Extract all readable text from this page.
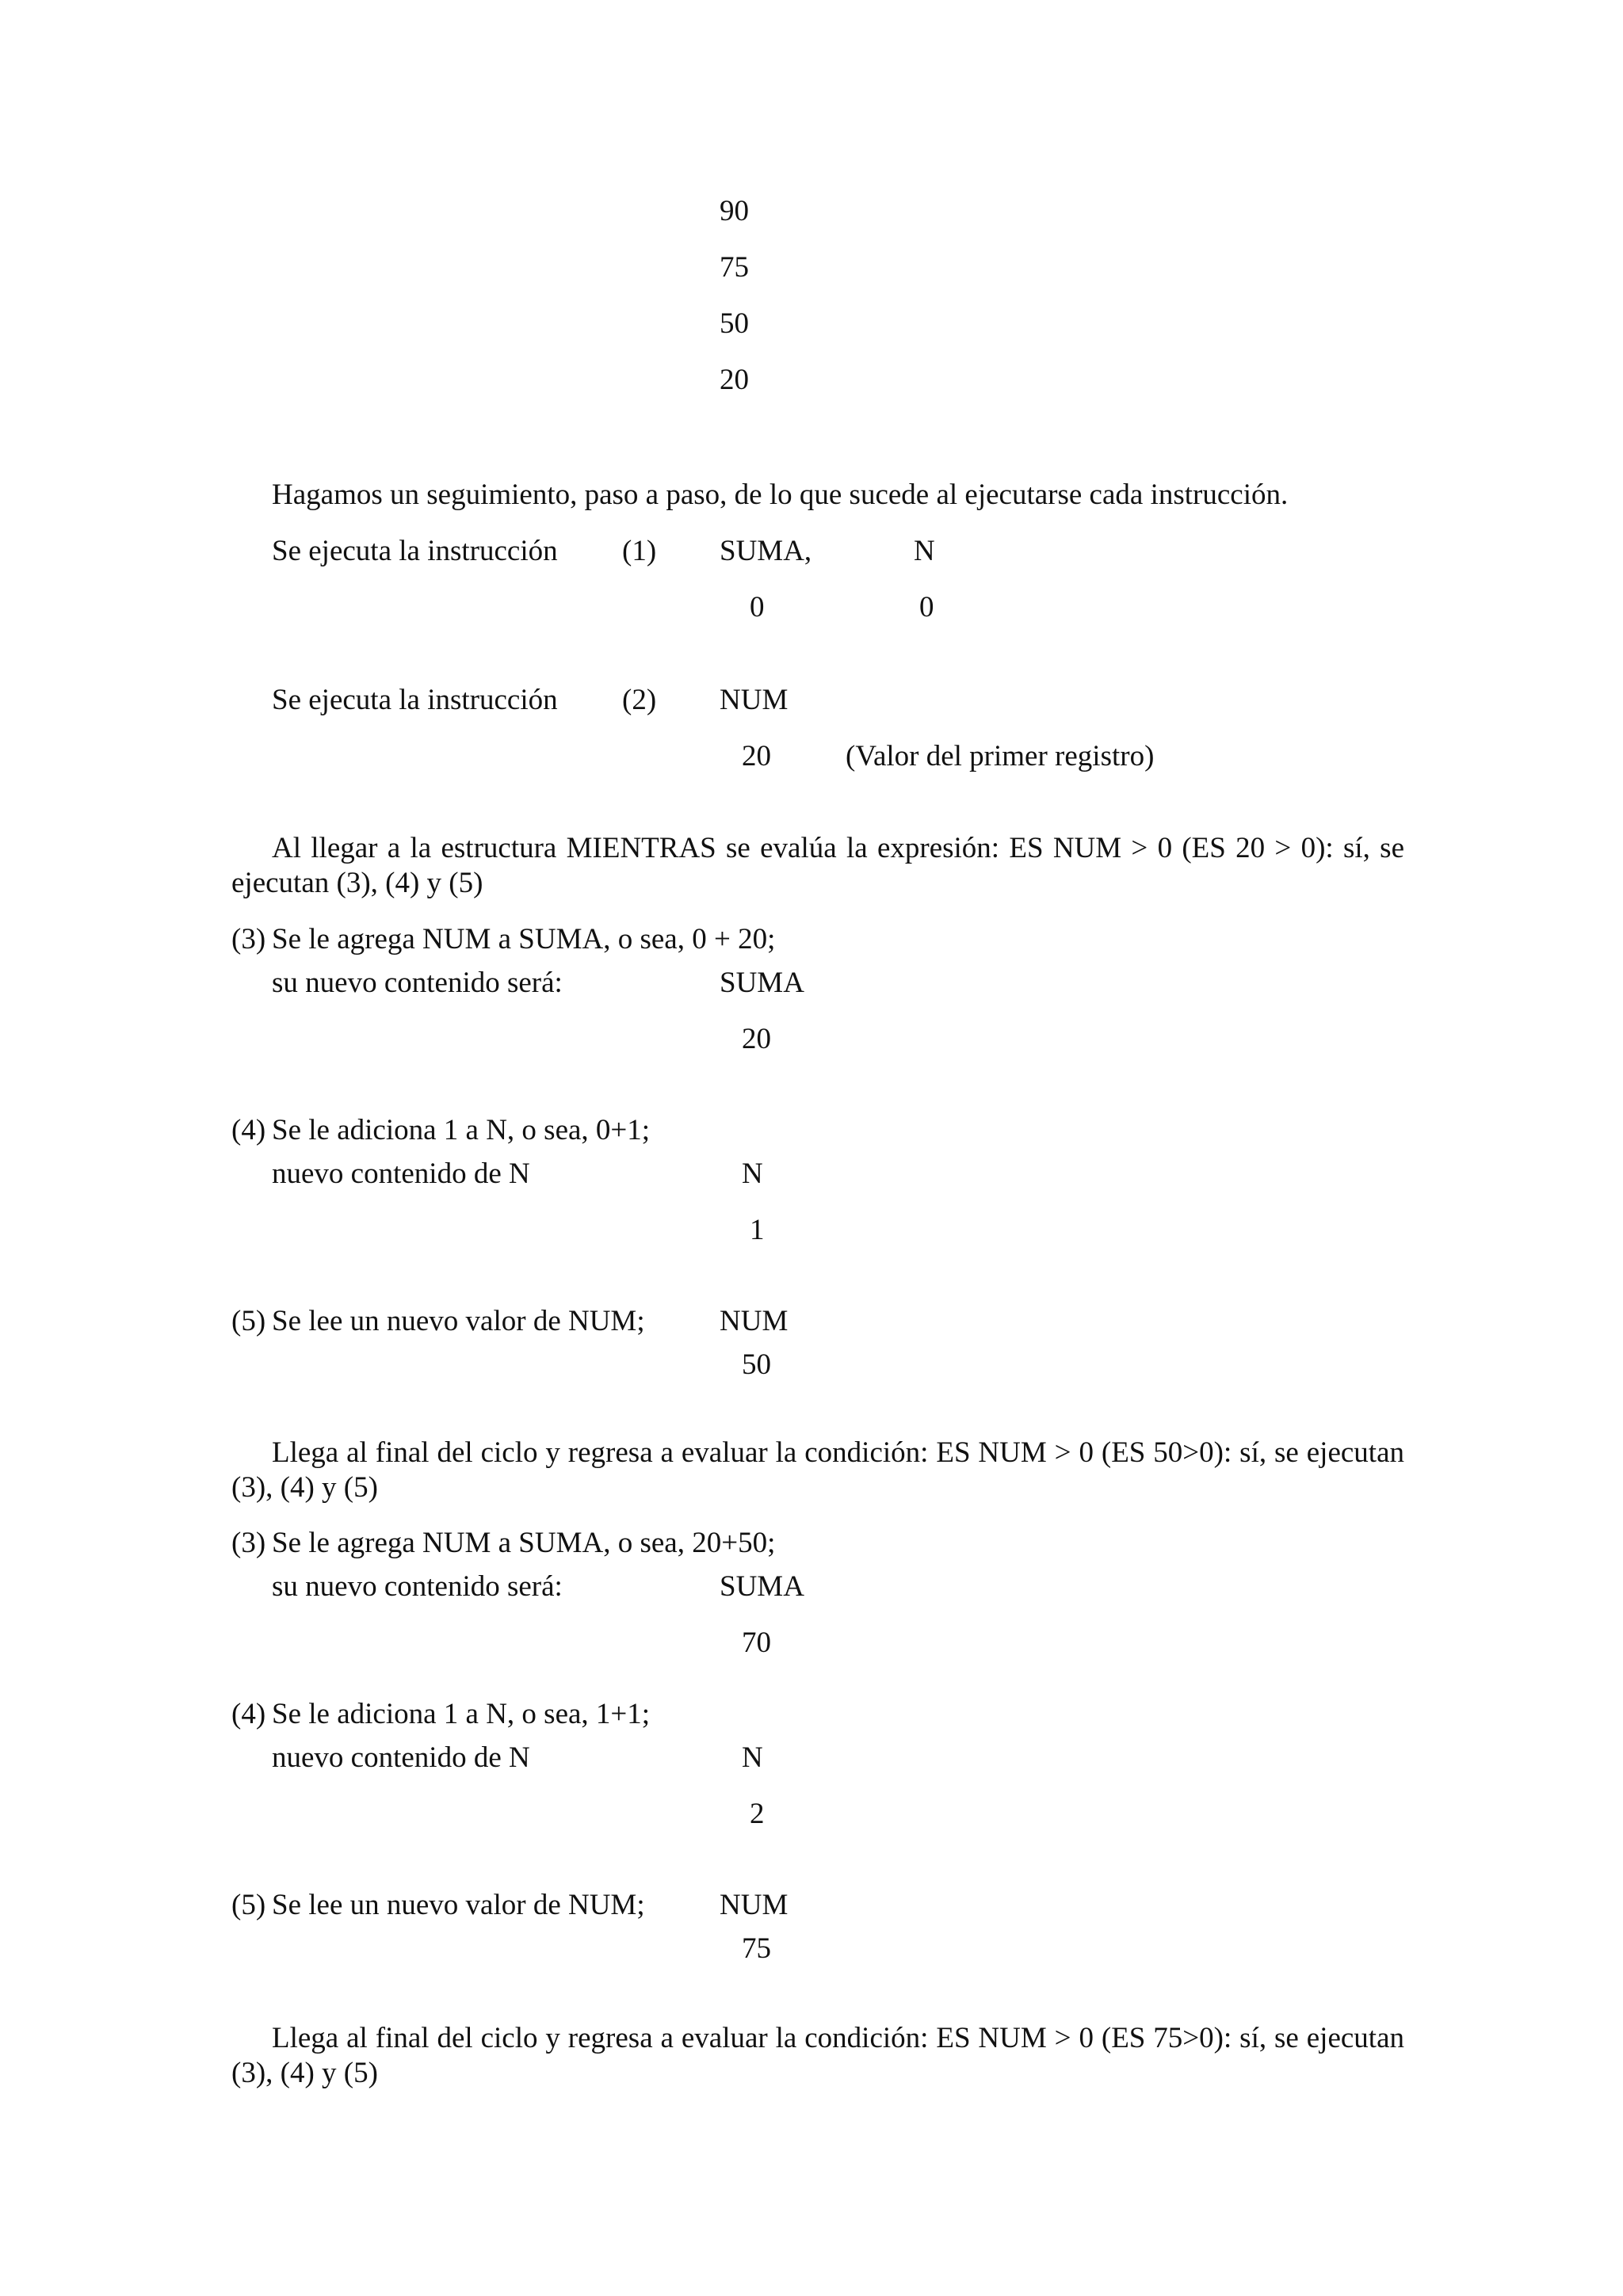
90
75
50
20
Hagamos un seguimiento, paso a paso, de lo que sucede al ejecutarse cada instrucción.
Se ejecuta la instrucción (1) SUMA,	N
0	0
Se ejecuta la instrucción (2) NUM
20	(Valor del primer registro)
Al llegar a la estructura MIENTRAS se evalúa la expresión: ES NUM > 0 (ES 20 > 0): sí, se ejecutan (3), (4) y (5)
(3) Se le agrega NUM a SUMA, o sea, 0 + 20;
su nuevo contenido será:	SUMA
20
(4) Se le adiciona 1 a N, o sea, 0+1;
nuevo contenido de N	N
1
(5) Se lee un nuevo valor de NUM;	NUM
50
Llega al final del ciclo y regresa a evaluar la condición: ES NUM > 0 (ES 50>0): sí, se ejecutan (3), (4) y (5)
(3) Se le agrega NUM a SUMA, o sea, 20+50;
su nuevo contenido será:	SUMA
70
(4) Se le adiciona 1 a N, o sea, 1+1;
nuevo contenido de N	N
2
(5) Se lee un nuevo valor de NUM;	NUM
75
Llega al final del ciclo y regresa a evaluar la condición: ES NUM > 0 (ES 75>0): sí, se ejecutan (3), (4) y (5)
